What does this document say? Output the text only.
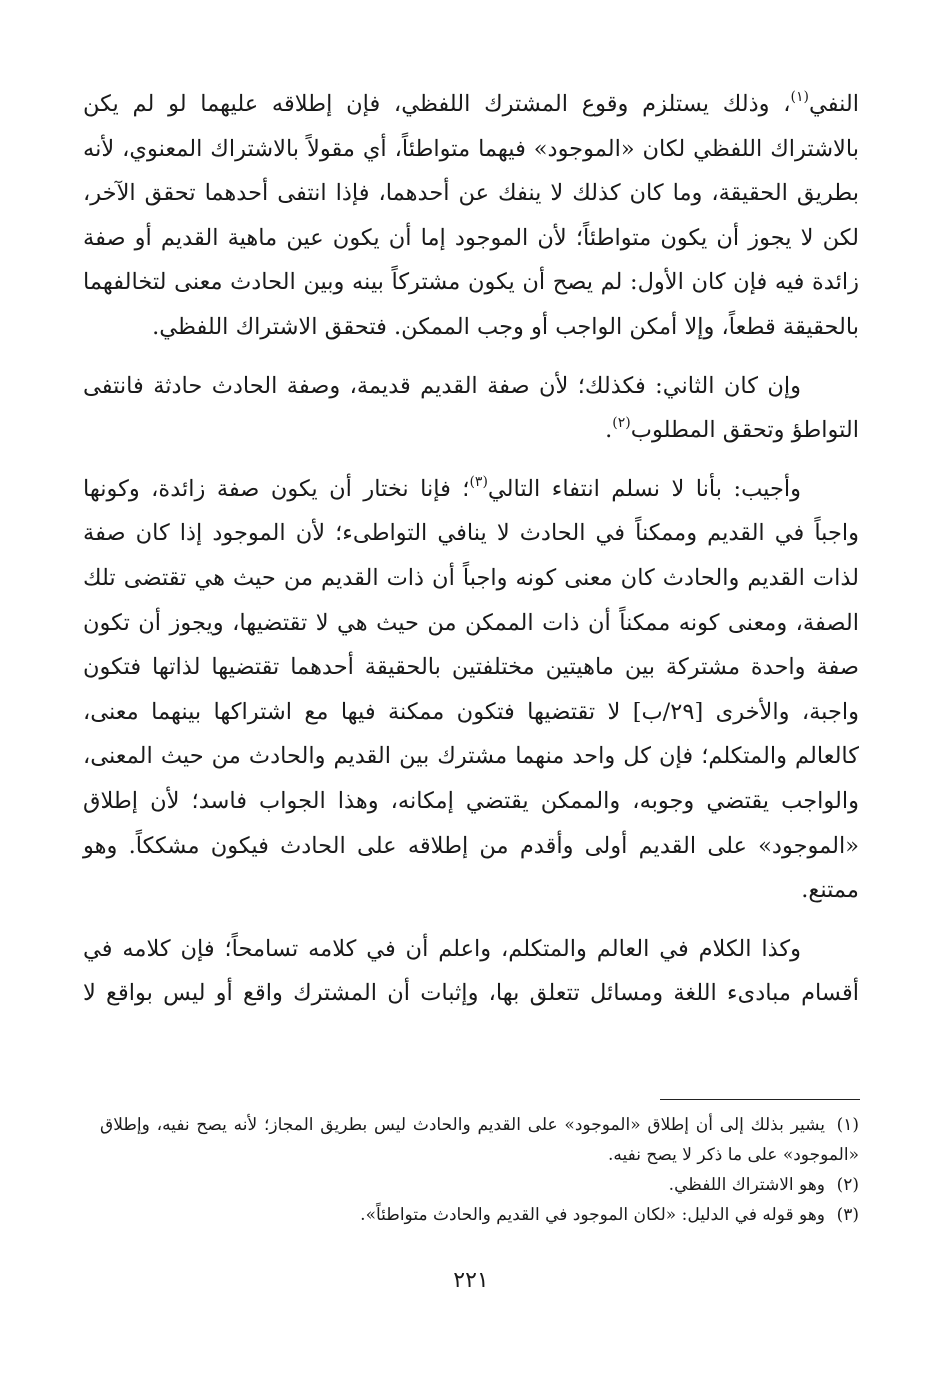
النفي$^{(١)}$، وذلك يستلزم وقوع المشترك اللفظي، فإن إطلاقه عليهما لو لم يكن بالاشتراك اللفظي لكان «الموجود» فيهما متواطئاً، أي مقولاً بالاشتراك المعنوي، لأنه بطريق الحقيقة، وما كان كذلك لا ينفك عن أحدهما، فإذا انتفى أحدهما تحقق الآخر، لكن لا يجوز أن يكون متواطئاً؛ لأن الموجود إما أن يكون عين ماهية القديم أو صفة زائدة فيه فإن كان الأول: لم يصح أن يكون مشتركاً بينه وبين الحادث معنى لتخالفهما بالحقيقة قطعاً، وإلا أمكن الواجب أو وجب الممكن. فتحقق الاشتراك اللفظي.

وإن كان الثاني: فكذلك؛ لأن صفة القديم قديمة، وصفة الحادث حادثة فانتفى التواطؤ وتحقق المطلوب$^{(٢)}$.

وأجيب: بأنا لا نسلم انتفاء التالي$^{(٣)}$؛ فإنا نختار أن يكون صفة زائدة، وكونها واجباً في القديم وممكناً في الحادث لا ينافي التواطىء؛ لأن الموجود إذا كان صفة لذات القديم والحادث كان معنى كونه واجباً أن ذات القديم من حيث هي تقتضى تلك الصفة، ومعنى كونه ممكناً أن ذات الممكن من حيث هي لا تقتضيها، ويجوز أن تكون صفة واحدة مشتركة بين ماهيتين مختلفتين بالحقيقة أحدهما تقتضيها لذاتها فتكون واجبة، والأخرى [٢٩/ب] لا تقتضيها فتكون ممكنة فيها مع اشتراكها بينهما معنى، كالعالم والمتكلم؛ فإن كل واحد منهما مشترك بين القديم والحادث من حيث المعنى، والواجب يقتضي وجوبه، والممكن يقتضي إمكانه، وهذا الجواب فاسد؛ لأن إطلاق «الموجود» على القديم أولى وأقدم من إطلاقه على الحادث فيكون مشككاً. وهو ممتنع.

وكذا الكلام في العالم والمتكلم، واعلم أن في كلامه تسامحاً؛ فإن كلامه في أقسام مبادىء اللغة ومسائل تتعلق بها، وإثبات أن المشترك واقع أو ليس بواقع لا

(١)يشير بذلك إلى أن إطلاق «الموجود» على القديم والحادث ليس بطريق المجاز؛ لأنه يصح نفيه، وإطلاق «الموجود» على ما ذكر لا يصح نفيه.

(٢)وهو الاشتراك اللفظي.

(٣)وهو قوله في الدليل: «لكان الموجود في القديم والحادث متواطئاً».

٢٢١
